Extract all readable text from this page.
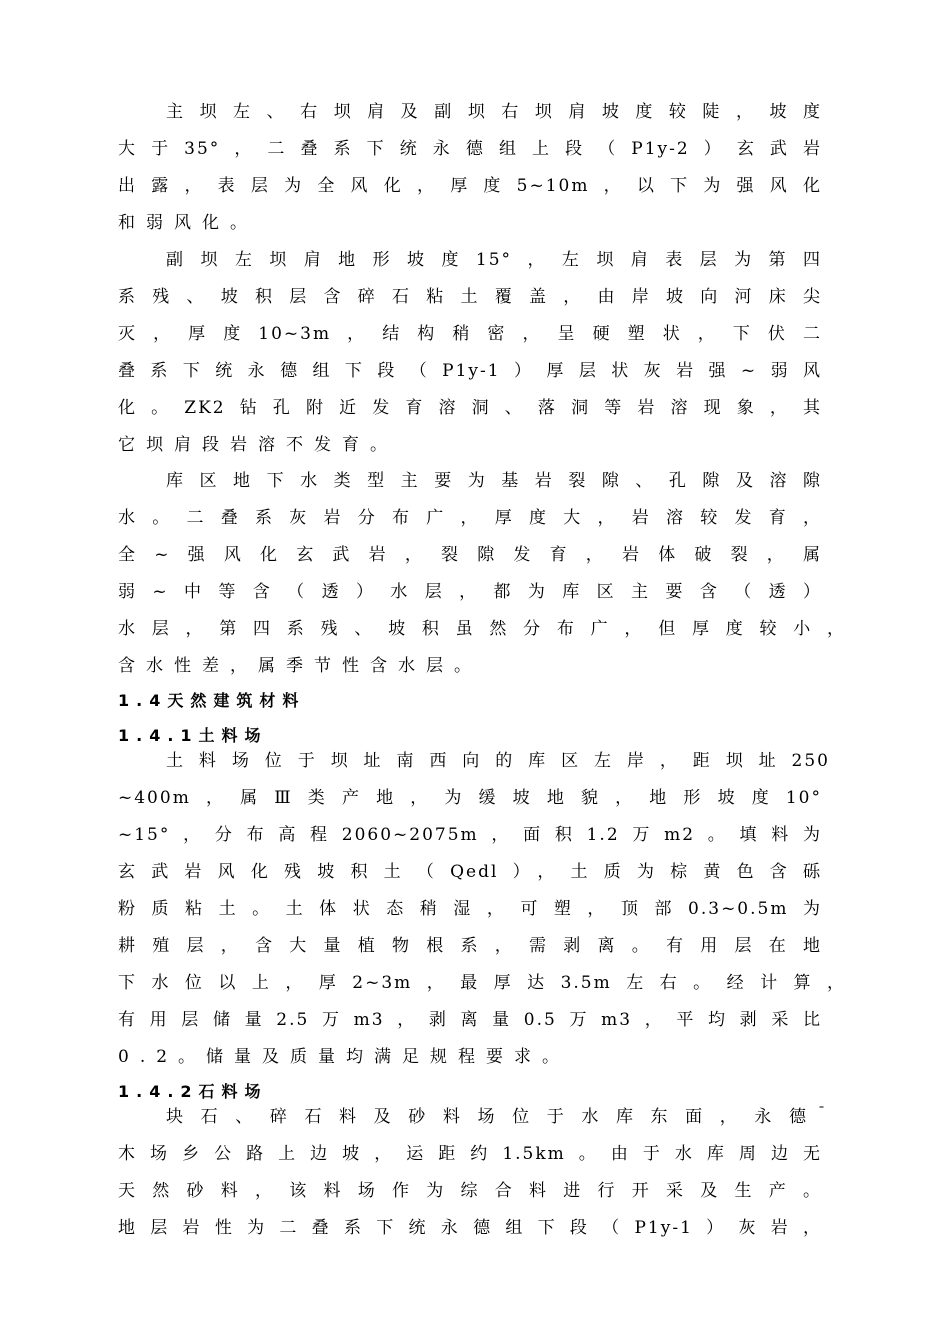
主坝左、右坝肩及副坝右坝肩坡度较陡，坡度
大于35°，二叠系下统永德组上段（P1y-2）玄武岩
出露，表层为全风化，厚度5~10m，以下为强风化
和弱风化。
副坝左坝肩地形坡度15°，左坝肩表层为第四
系残、坡积层含碎石粘土覆盖，由岸坡向河床尖
灭，厚度10~3m，结构稍密，呈硬塑状，下伏二
叠系下统永德组下段（P1y-1）厚层状灰岩强~弱风
化。ZK2钻孔附近发育溶洞、落洞等岩溶现象，其
它坝肩段岩溶不发育。
库区地下水类型主要为基岩裂隙、孔隙及溶隙
水。二叠系灰岩分布广，厚度大，岩溶较发育，
全~强风化玄武岩，裂隙发育，岩体破裂，属
弱~中等含（透）水层，都为库区主要含（透）
水层，第四系残、坡积虽然分布广，但厚度较小，
含水性差，属季节性含水层。
1.4天然建筑材料
1.4.1土料场
土料场位于坝址南西向的库区左岸，距坝址250
~400m，属Ⅲ类产地，为缓坡地貌，地形坡度10°
~15°，分布高程2060~2075m，面积1.2万m2。填料为
玄武岩风化残坡积土（Qedl），土质为棕黄色含砾
粉质粘土。土体状态稍湿，可塑，顶部0.3~0.5m为
耕殖层，含大量植物根系，需剥离。有用层在地
下水位以上，厚2~3m，最厚达3.5m左右。经计算，
有用层储量2.5万m3，剥离量0.5万m3，平均剥采比
0.2。储量及质量均满足规程要求。
1.4.2石料场
块石、碎石料及砂料场位于水库东面，永德 ¯
木场乡公路上边坡，运距约1.5km。由于水库周边无
天然砂料，该料场作为综合料进行开采及生产。
地层岩性为二叠系下统永德组下段（P1y-1）灰岩，
